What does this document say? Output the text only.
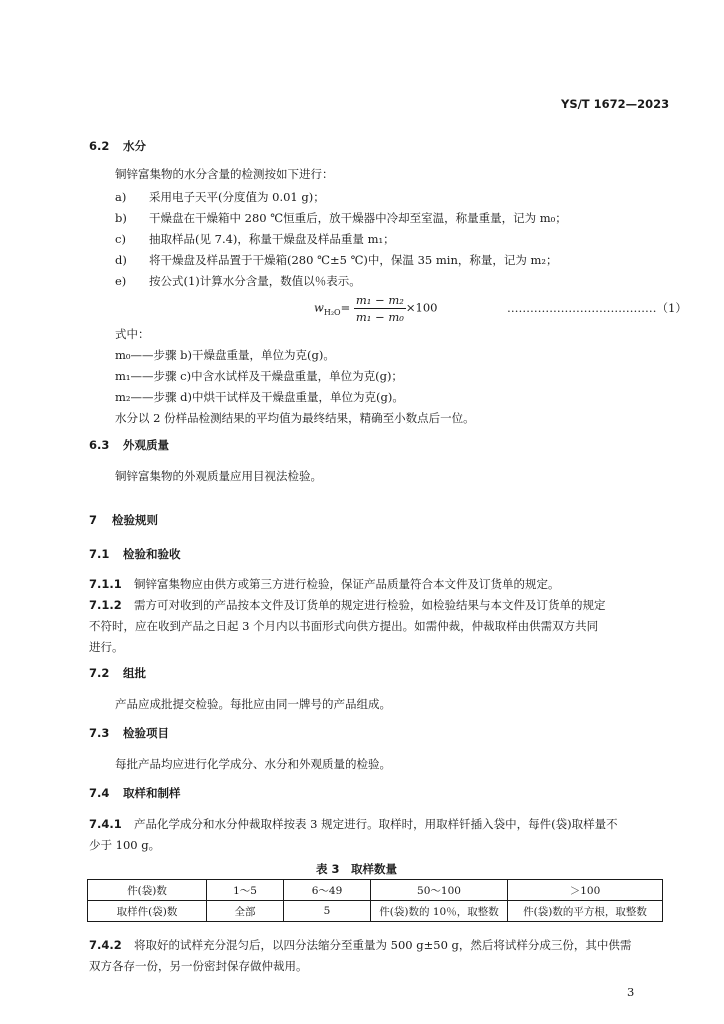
YS/T 1672—2023
6.2 水分
铜锌富集物的水分含量的检测按如下进行：
a) 采用电子天平(分度值为 0.01 g)；
b) 干燥盘在干燥箱中 280 ℃恒重后，放干燥器中冷却至室温，称量重量，记为 m₀；
c) 抽取样品(见 7.4)，称量干燥盘及样品重量 m₁；
d) 将干燥盘及样品置于干燥箱(280 ℃±5 ℃)中，保温 35 min，称量，记为 m₂；
e) 按公式(1)计算水分含量，数值以％表示。
$w_{H_2O}= \frac{\text{m₁ − m₂}}{\text{m₁ − m₀}} \times 100$	…………………………………（1）
式中：
m₀——步骤 b)干燥盘重量，单位为克(g)。
m₁——步骤 c)中含水试样及干燥盘重量，单位为克(g)；
m₂——步骤 d)中烘干试样及干燥盘重量，单位为克(g)。
水分以 2 份样品检测结果的平均值为最终结果，精确至小数点后一位。
6.3 外观质量
铜锌富集物的外观质量应用目视法检验。
7 检验规则
7.1 检验和验收
7.1.1 铜锌富集物应由供方或第三方进行检验，保证产品质量符合本文件及订货单的规定。
7.1.2 需方可对收到的产品按本文件及订货单的规定进行检验，如检验结果与本文件及订货单的规定
不符时，应在收到产品之日起 3 个月内以书面形式向供方提出。如需仲裁，仲裁取样由供需双方共同
进行。
7.2 组批
产品应成批提交检验。每批应由同一牌号的产品组成。
7.3 检验项目
每批产品均应进行化学成分、水分和外观质量的检验。
7.4 取样和制样
7.4.1 产品化学成分和水分仲裁取样按表 3 规定进行。取样时，用取样钎插入袋中，每件(袋)取样量不
少于 100 g。
表 3　取样数量
件(袋)数	1～5	6～49	50～100	＞100
取样件(袋)数	全部	5	件(袋)数的 10％，取整数	件(袋)数的平方根，取整数
7.4.2 将取好的试样充分混匀后，以四分法缩分至重量为 500 g±50 g，然后将试样分成三份，其中供需
双方各存一份，另一份密封保存做仲裁用。
3
